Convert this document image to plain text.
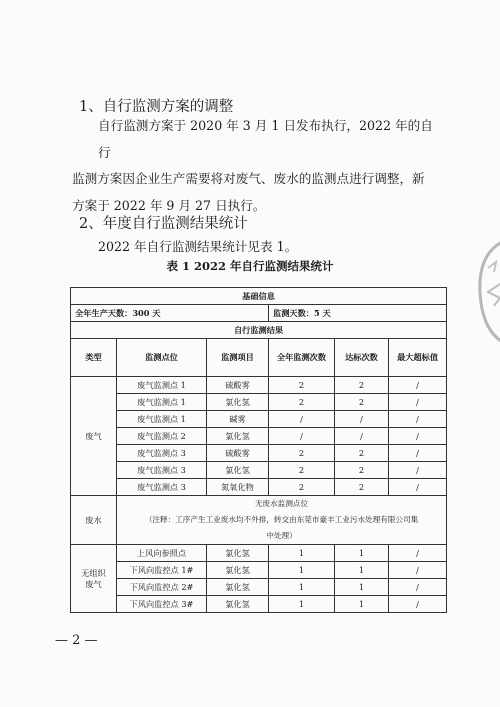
1、自行监测方案的调整
自行监测方案于 2020 年 3 月 1 日发布执行，2022 年的自行
监测方案因企业生产需要将对废气、废水的监测点进行调整，新
方案于 2022 年 9 月 27 日执行。
2、年度自行监测结果统计
2022 年自行监测结果统计见表 1。
表 1 2022 年自行监测结果统计
基础信息					
全年生产天数：300 天			监测天数：5 天		
自行监测结果					
类型	监测点位	监测项目	全年监测次数	达标次数	最大超标值
废气	废气监测点 1	硫酸雾	2	2	/
	废气监测点 1	氯化氢	2	2	/
	废气监测点 1	碱雾	/	/	/
	废气监测点 2	氯化氢	/	/	/
	废气监测点 3	硫酸雾	2	2	/
	废气监测点 3	氯化氢	2	2	/
	废气监测点 3	氮氧化物	2	2	/
废水	无废水监测点位
（注释：工序产生工业废水均不外排，转交由东莞市豪丰工业污水处理有限公司集
中处理）				

无组织
废气	上风向参照点	氯化氢	1	1	/
	下风向监控点 1#	氯化氢	1	1	/
	下风向监控点 2#	氯化氢	1	1	/
	下风向监控点 3#	氯化氢	1	1	/
— 2 —
